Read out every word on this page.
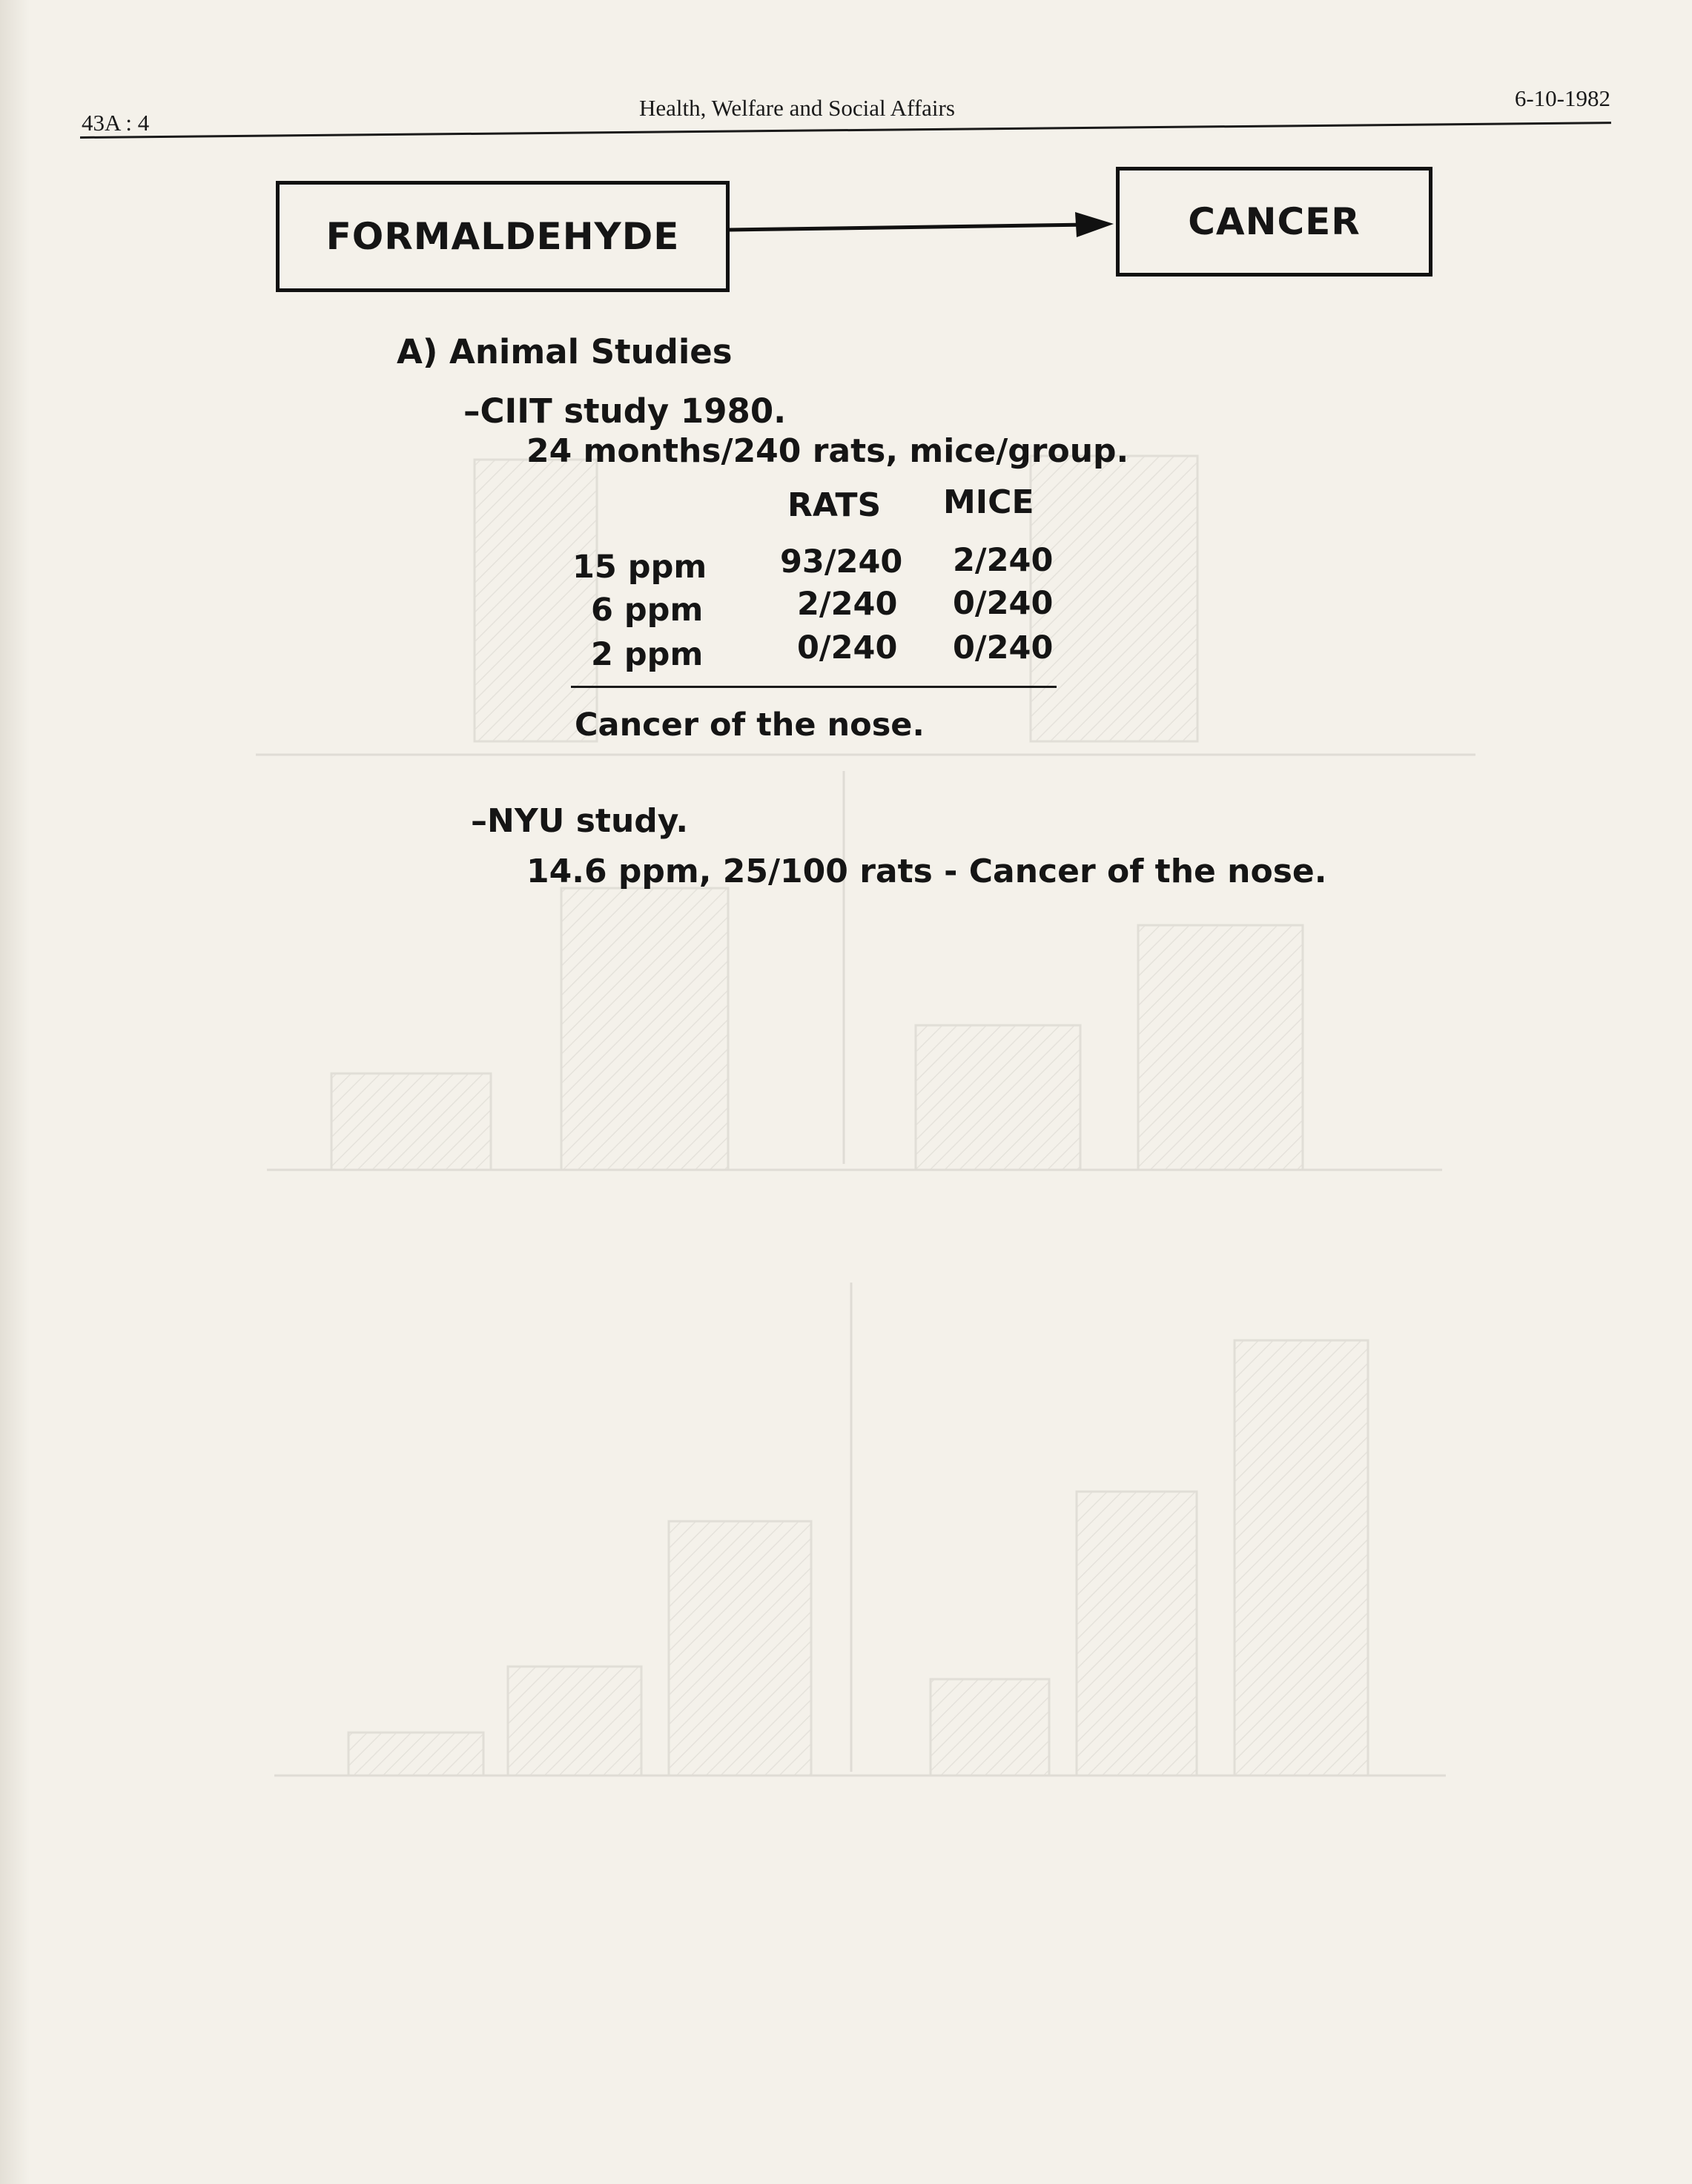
43A : 4
Health, Welfare and Social Affairs	6-10-1982
FORMALDEHYDE	CANCER
A) Animal Studies
–CIIT study 1980.
24 months/240 rats, mice/group.
RATS MICE
15 ppm 93/240 2/240
6 ppm	2/240 0/240
2 ppm	0/240 0/240
Cancer of the nose.
–NYU study.
14.6 ppm, 25/100 rats - Cancer of the nose.
